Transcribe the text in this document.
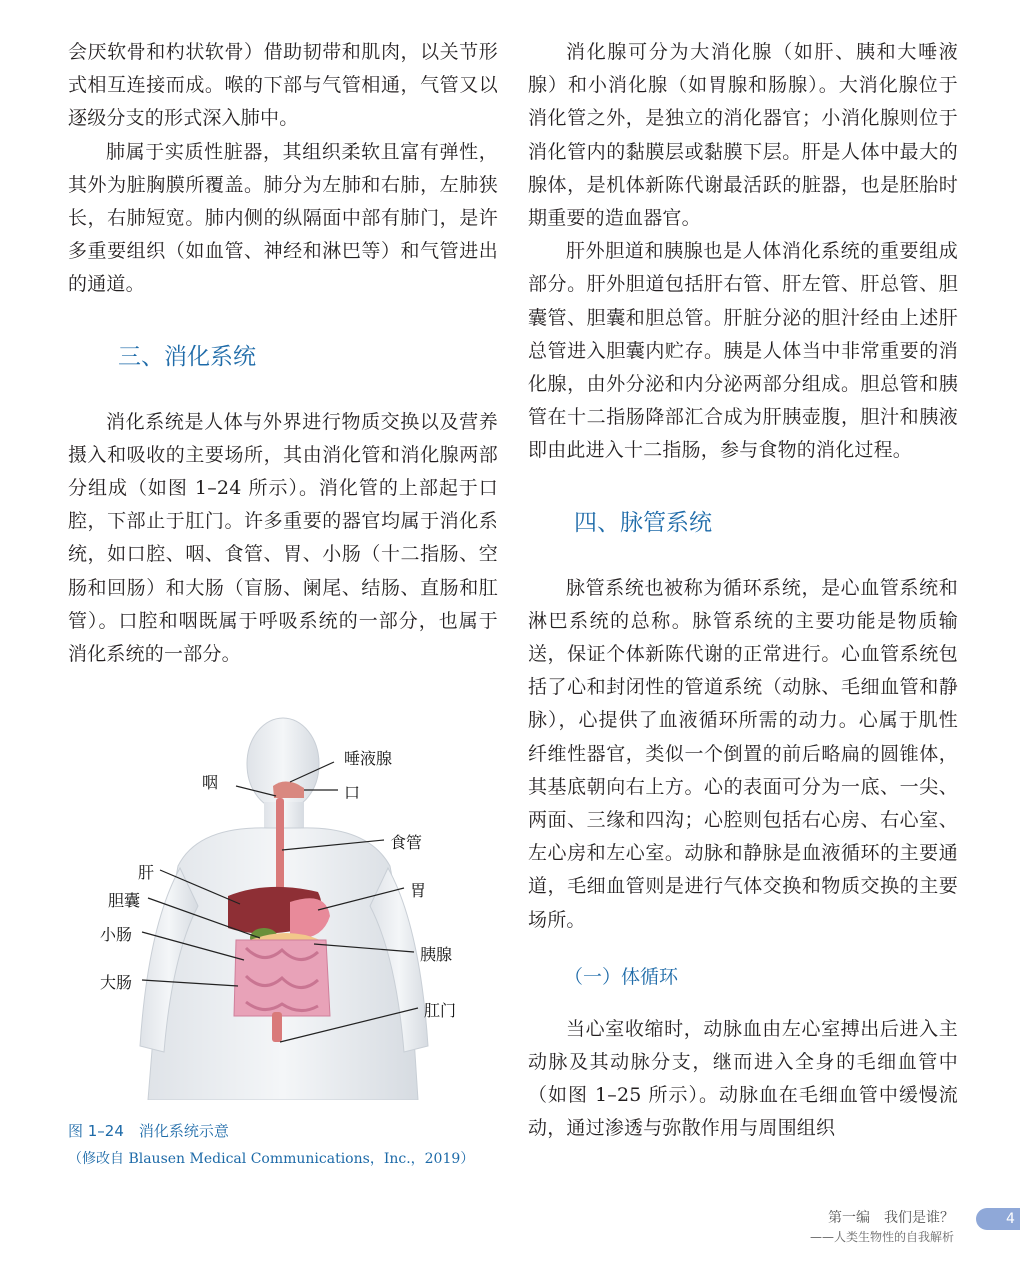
会厌软骨和杓状软骨）借助韧带和肌肉，以关节形式相互连接而成。喉的下部与气管相通，气管又以逐级分支的形式深入肺中。

肺属于实质性脏器，其组织柔软且富有弹性，其外为脏胸膜所覆盖。肺分为左肺和右肺，左肺狭长，右肺短宽。肺内侧的纵隔面中部有肺门，是许多重要组织（如血管、神经和淋巴等）和气管进出的通道。

三、消化系统

消化系统是人体与外界进行物质交换以及营养摄入和吸收的主要场所，其由消化管和消化腺两部分组成（如图 1–24 所示）。消化管的上部起于口腔，下部止于肛门。许多重要的器官均属于消化系统，如口腔、咽、食管、胃、小肠（十二指肠、空肠和回肠）和大肠（盲肠、阑尾、结肠、直肠和肛管）。口腔和咽既属于呼吸系统的一部分，也属于消化系统的一部分。

唾液腺
咽
口
食管
肝
胃
胆囊
小肠
胰腺
大肠
肛门
图 1–24　消化系统示意
（修改自 Blausen Medical Communications，Inc.，2019）

消化腺可分为大消化腺（如肝、胰和大唾液腺）和小消化腺（如胃腺和肠腺）。大消化腺位于消化管之外，是独立的消化器官；小消化腺则位于消化管内的黏膜层或黏膜下层。肝是人体中最大的腺体，是机体新陈代谢最活跃的脏器，也是胚胎时期重要的造血器官。

肝外胆道和胰腺也是人体消化系统的重要组成部分。肝外胆道包括肝右管、肝左管、肝总管、胆囊管、胆囊和胆总管。肝脏分泌的胆汁经由上述肝总管进入胆囊内贮存。胰是人体当中非常重要的消化腺，由外分泌和内分泌两部分组成。胆总管和胰管在十二指肠降部汇合成为肝胰壶腹，胆汁和胰液即由此进入十二指肠，参与食物的消化过程。

四、脉管系统

脉管系统也被称为循环系统，是心血管系统和淋巴系统的总称。脉管系统的主要功能是物质输送，保证个体新陈代谢的正常进行。心血管系统包括了心和封闭性的管道系统（动脉、毛细血管和静脉），心提供了血液循环所需的动力。心属于肌性纤维性器官，类似一个倒置的前后略扁的圆锥体，其基底朝向右上方。心的表面可分为一底、一尖、两面、三缘和四沟；心腔则包括右心房、右心室、左心房和左心室。动脉和静脉是血液循环的主要通道，毛细血管则是进行气体交换和物质交换的主要场所。

（一）体循环

当心室收缩时，动脉血由左心室搏出后进入主动脉及其动脉分支，继而进入全身的毛细血管中（如图 1–25 所示）。动脉血在毛细血管中缓慢流动，通过渗透与弥散作用与周围组织

第一编　我们是谁？
——人类生物性的自我解析
4
